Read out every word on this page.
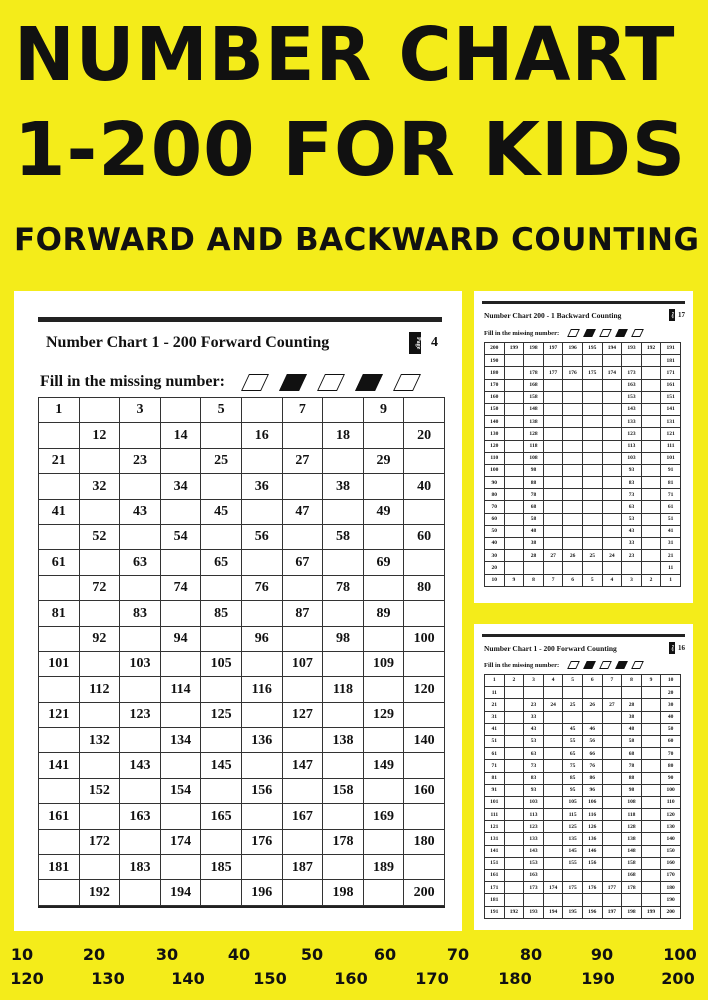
NUMBER CHART
1-200 FOR KIDS
FORWARD AND BACKWARD COUNTING
Number Chart 1 - 200 Forward Counting	Page 4
Fill in the missing number:
1		3		5		7		9	
	12		14		16		18		20
21		23		25		27		29	
	32		34		36		38		40
41		43		45		47		49	
	52		54		56		58		60
61		63		65		67		69	
	72		74		76		78		80
81		83		85		87		89	
	92		94		96		98		100
101		103		105		107		109	
	112		114		116		118		120
121		123		125		127		129	
	132		134		136		138		140
141		143		145		147		149	
	152		154		156		158		160
161		163		165		167		169	
	172		174		176		178		180
181		183		185		187		189	
	192		194		196		198		200
Number Chart 200 - 1 Backward Counting	Page 17
Fill in the missing number:
200	199	198	197	196	195	194	193	192	191
190									181
180		178	177	176	175	174	173		171
170		168					163		161
160		158					153		151
150		148					143		141
140		138					133		131
130		128					123		121
120		118					113		111
110		108					103		101
100		98					93		91
90		88					83		81
80		78					73		71
70		68					63		61
60		58					53		51
50		48					43		41
40		38					33		31
30		28	27	26	25	24	23		21
20									11
10	9	8	7	6	5	4	3	2	1
Number Chart 1 - 200 Forward Counting	Page 16
Fill in the missing number:
1	2	3	4	5	6	7	8	9	10
11									20
21		23	24	25	26	27	28		30
31		33					38		40
41		43		45	46		48		50
51		53		55	56		58		60
61		63		65	66		68		70
71		73		75	76		78		80
81		83		85	86		88		90
91		93		95	96		98		100
101		103		105	106		108		110
111		113		115	116		118		120
121		123		125	126		128		130
131		133		135	136		138		140
141		143		145	146		148		150
151		153		155	156		158		160
161		163					168		170
171		173	174	175	176	177	178		180
181									190
191	192	193	194	195	196	197	198	199	200
10	20	30	40	50	60	70	80	90	100
120	130	140	150	160	170	180	190	200
